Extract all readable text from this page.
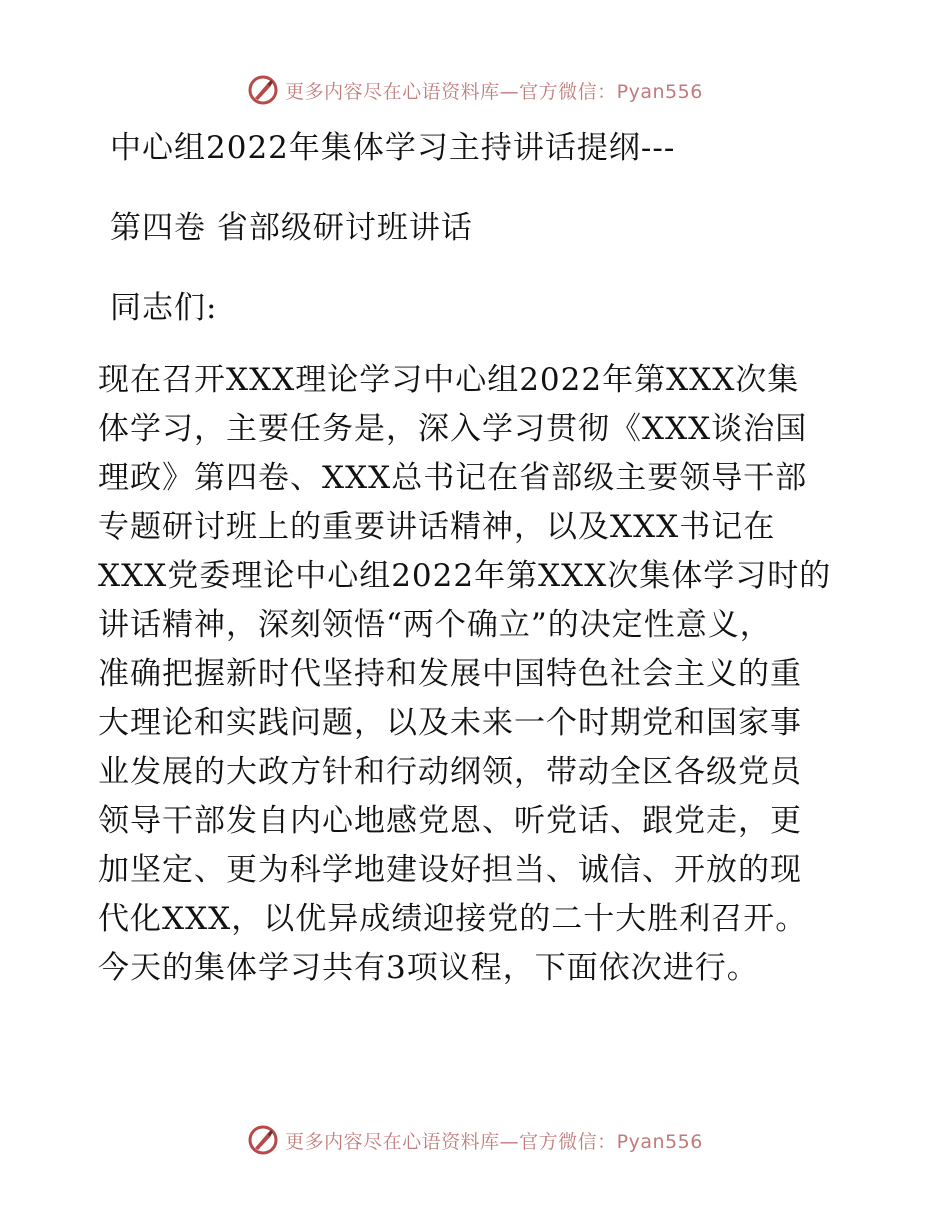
更多内容尽在心语资料库—官方微信：Pyan556
中心组2022年集体学习主持讲话提纲---
第四卷 省部级研讨班讲话
同志们:
现在召开XXX理论学习中心组2022年第XXX次集
体学习，主要任务是，深入学习贯彻《XXX谈治国
理政》第四卷、XXX总书记在省部级主要领导干部
专题研讨班上的重要讲话精神，以及XXX书记在
XXX党委理论中心组2022年第XXX次集体学习时的
讲话精神，深刻领悟“两个确立”的决定性意义，
准确把握新时代坚持和发展中国特色社会主义的重
大理论和实践问题，以及未来一个时期党和国家事
业发展的大政方针和行动纲领，带动全区各级党员
领导干部发自内心地感党恩、听党话、跟党走，更
加坚定、更为科学地建设好担当、诚信、开放的现
代化XXX，以优异成绩迎接党的二十大胜利召开。
今天的集体学习共有3项议程，下面依次进行。
更多内容尽在心语资料库—官方微信：Pyan556
